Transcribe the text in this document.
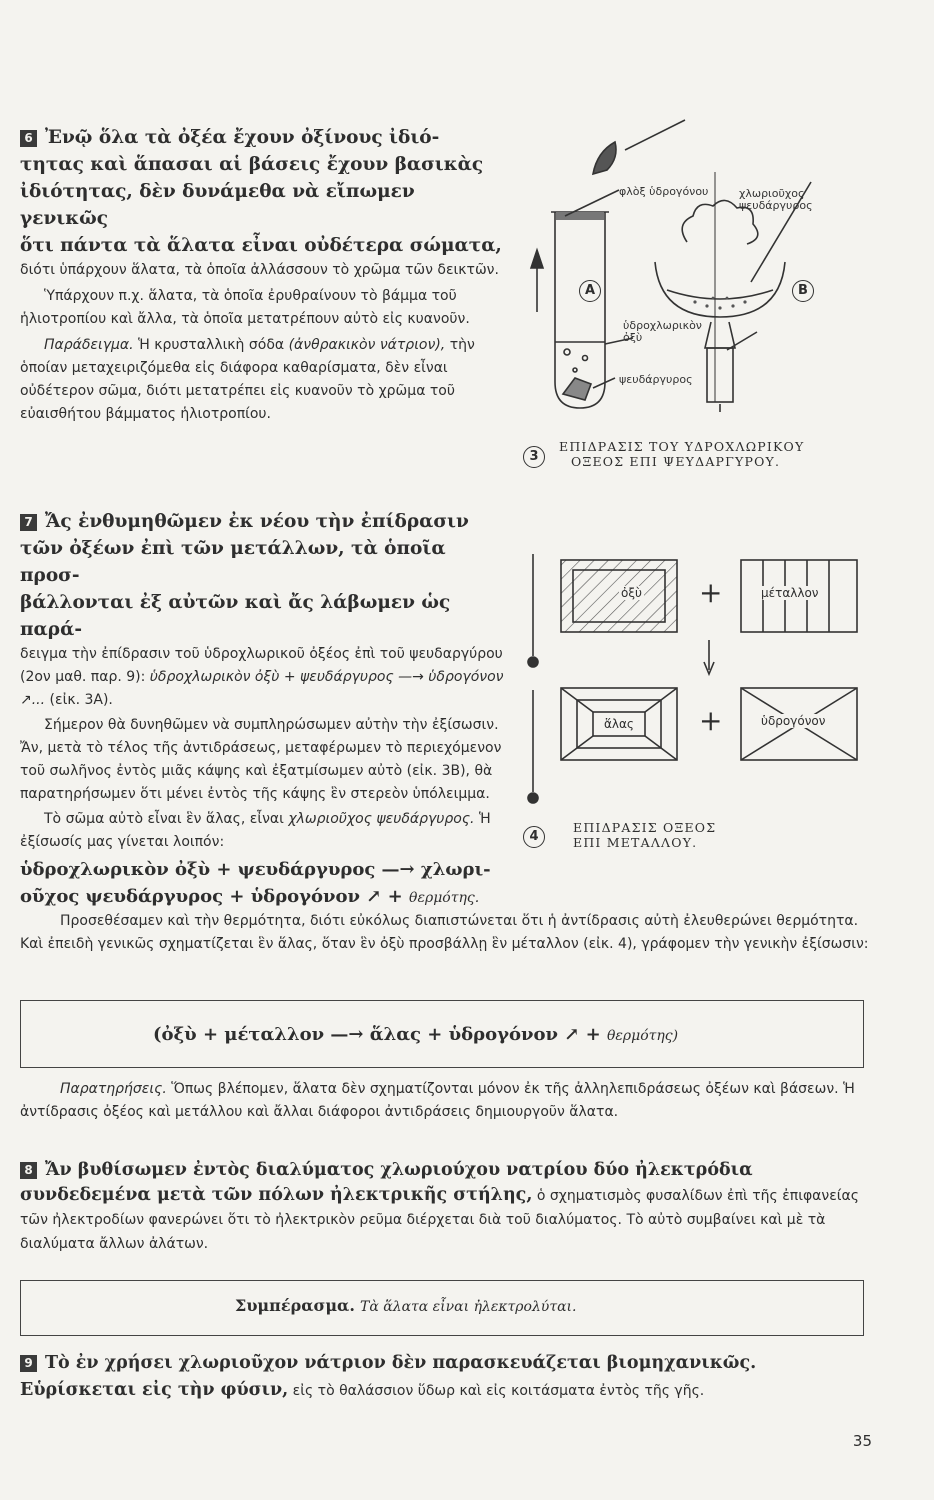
6 Ἐνῷ ὅλα τὰ ὀξέα ἔχουν ὀξίνους ἰδιό-
τητας καὶ ἅπασαι αἱ βάσεις ἔχουν βασικὰς
ἰδιότητας, δὲν δυνάμεθα νὰ εἴπωμεν γενικῶς
ὅτι πάντα τὰ ἅλατα εἶναι οὐδέτερα σώματα,

διότι ὑπάρχουν ἅλατα, τὰ ὁποῖα ἀλλάσσουν τὸ χρῶμα τῶν δεικτῶν.

Ὑπάρχουν π.χ. ἅλατα, τὰ ὁποῖα ἐρυθραίνουν τὸ βάμμα τοῦ ἡλιοτροπίου καὶ ἄλλα, τὰ ὁποῖα μετατρέπουν αὐτὸ εἰς κυανοῦν.

Παράδειγμα. Ἡ κρυσταλλικὴ σόδα (ἀνθρακικὸν νάτριον), τὴν ὁποίαν μεταχειριζόμεθα εἰς διάφορα καθαρίσματα, δὲν εἶναι οὐδέτερον σῶμα, διότι μετατρέπει εἰς κυανοῦν τὸ χρῶμα τοῦ εὐαισθήτου βάμματος ἡλιοτροπίου.

7 Ἄς ἐνθυμηθῶμεν ἐκ νέου τὴν ἐπίδρασιν
τῶν ὀξέων ἐπὶ τῶν μετάλλων, τὰ ὁποῖα προσ-
βάλλονται ἐξ αὐτῶν καὶ ἄς λάβωμεν ὡς παρά-

δειγμα τὴν ἐπίδρασιν τοῦ ὑδροχλωρικοῦ ὀξέος ἐπὶ τοῦ ψευδαργύρου (2ον μαθ. παρ. 9): ὑδροχλωρικὸν ὀξὺ + ψευδάργυρος —→ ὑδρογόνον ↗... (εἰκ. 3Α).

Σήμερον θὰ δυνηθῶμεν νὰ συμπληρώσωμεν αὐτὴν τὴν ἐξίσωσιν. Ἄν, μετὰ τὸ τέλος τῆς ἀντιδράσεως, μεταφέρωμεν τὸ περιεχόμενον τοῦ σωλῆνος ἐντὸς μιᾶς κάψης καὶ ἐξατμίσωμεν αὐτὸ (εἰκ. 3Β), θὰ παρατηρήσωμεν ὅτι μένει ἐντὸς τῆς κάψης ἓν στερεὸν ὑπόλειμμα.

Τὸ σῶμα αὐτὸ εἶναι ἓν ἅλας, εἶναι χλωριοῦχος ψευδάργυρος. Ἡ ἐξίσωσίς μας γίνεται λοιπόν:

ὑδροχλωρικὸν ὀξὺ + ψευδάργυρος —→ χλωρι-
οῦχος ψευδάργυρος + ὑδρογόνον ↗ + θερμότης.

Προσεθέσαμεν καὶ τὴν θερμότητα, διότι εὐκόλως διαπιστώνεται ὅτι ἡ ἀντίδρασις αὐτὴ ἐλευθερώνει θερμότητα. Καὶ ἐπειδὴ γενικῶς σχηματίζεται ἓν ἅλας, ὅταν ἓν ὀξὺ προσβάλλῃ ἓν μέταλλον (εἰκ. 4), γράφομεν τὴν γενικὴν ἐξίσωσιν:

(ὀξὺ + μέταλλον —→ ἅλας + ὑδρογόνον ↗ + θερμότης)

Παρατηρήσεις. Ὅπως βλέπομεν, ἅλατα δὲν σχηματίζονται μόνον ἐκ τῆς ἀλληλεπιδράσεως ὀξέων καὶ βάσεων. Ἡ ἀντίδρασις ὀξέος καὶ μετάλλου καὶ ἄλλαι διάφοροι ἀντιδράσεις δημιουργοῦν ἅλατα.

8 Ἄν βυθίσωμεν ἐντὸς διαλύματος χλωριούχου νατρίου δύο ἠλεκτρόδια συνδεδεμένα μετὰ τῶν πόλων ἠλεκτρικῆς στήλης, ὁ σχηματισμὸς φυσαλίδων ἐπὶ τῆς ἐπιφανείας τῶν ἠλεκτροδίων φανερώνει ὅτι τὸ ἠλεκτρικὸν ρεῦμα διέρχεται διὰ τοῦ διαλύματος. Τὸ αὐτὸ συμβαίνει καὶ μὲ τὰ διαλύματα ἄλλων ἀλάτων.

Συμπέρασμα. Τὰ ἅλατα εἶναι ἠλεκτρολύται.

9 Τὸ ἐν χρήσει χλωριοῦχον νάτριον δὲν παρασκευάζεται βιομηχανικῶς. Εὑρίσκεται εἰς τὴν φύσιν, εἰς τὸ θαλάσσιον ὕδωρ καὶ εἰς κοιτάσματα ἐντὸς τῆς γῆς.

35
φλὸξ ὑδρογόνου	χλωριοῦχος ψευδάργυρος
ὑδροχλωρικὸν ὀξὺ
ψευδάργυρος
A	B
3
ΕΠΙΔΡΑΣΙΣ ΤΟΥ ΥΔΡΟΧΛΩΡΙΚΟΥ
ΟΞΕΟΣ ΕΠΙ ΨΕΥΔΑΡΓΥΡΟΥ.
ὀξὺ	μέταλλον
ἅλας	ὑδρογόνον
+
+
4
ΕΠΙΔΡΑΣΙΣ ΟΞΕΟΣ
ΕΠΙ ΜΕΤΑΛΛΟΥ.
